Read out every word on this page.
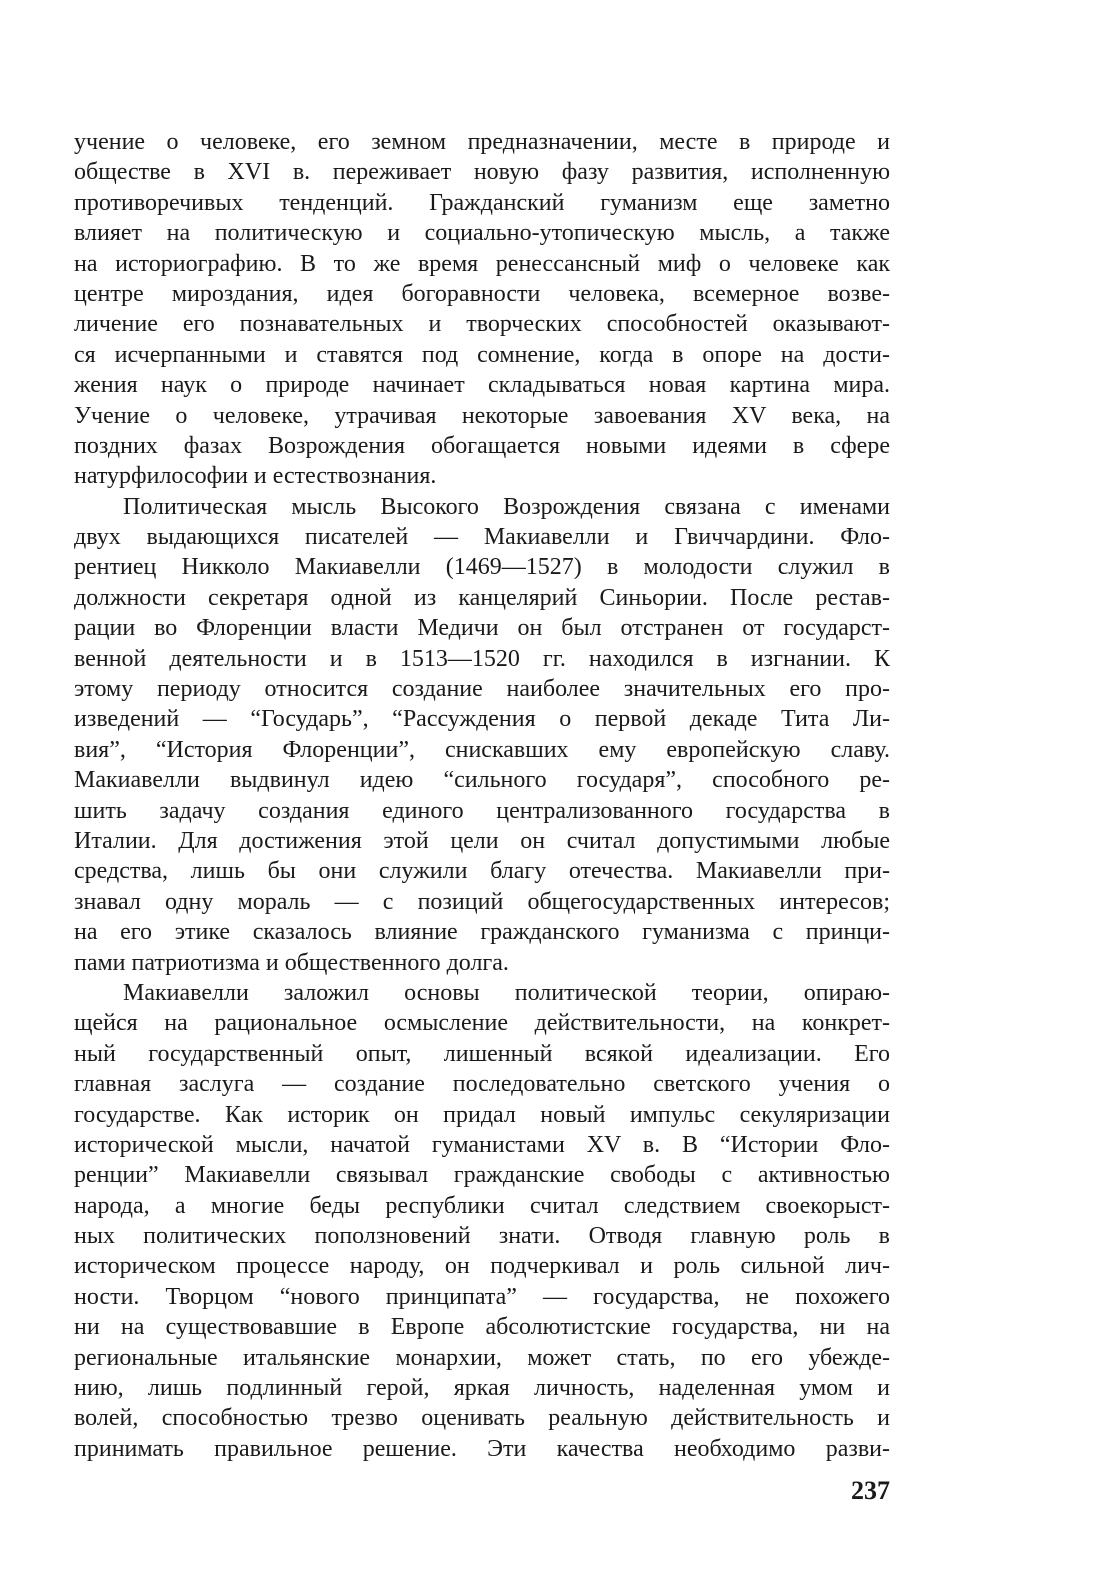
учение о человеке, его земном предназначении, месте в природе и
обществе в XVI в. переживает новую фазу развития, исполненную
противоречивых тенденций. Гражданский гуманизм еще заметно
влияет на политическую и социально-утопическую мысль, а также
на историографию. В то же время ренессансный миф о человеке как
центре мироздания, идея богоравности человека, всемерное возве-
личение его познавательных и творческих способностей оказывают-
ся исчерпанными и ставятся под сомнение, когда в опоре на дости-
жения наук о природе начинает складываться новая картина мира.
Учение о человеке, утрачивая некоторые завоевания XV века, на
поздних фазах Возрождения обогащается новыми идеями в сфере
натурфилософии и естествознания.
Политическая мысль Высокого Возрождения связана с именами
двух выдающихся писателей — Макиавелли и Гвиччардини. Фло-
рентиец Никколо Макиавелли (1469—1527) в молодости служил в
должности секретаря одной из канцелярий Синьории. После рестав-
рации во Флоренции власти Медичи он был отстранен от государст-
венной деятельности и в 1513—1520 гг. находился в изгнании. К
этому периоду относится создание наиболее значительных его про-
изведений — “Государь”, “Рассуждения о первой декаде Тита Ли-
вия”, “История Флоренции”, снискавших ему европейскую славу.
Макиавелли выдвинул идею “сильного государя”, способного ре-
шить задачу создания единого централизованного государства в
Италии. Для достижения этой цели он считал допустимыми любые
средства, лишь бы они служили благу отечества. Макиавелли при-
знавал одну мораль — с позиций общегосударственных интересов;
на его этике сказалось влияние гражданского гуманизма с принци-
пами патриотизма и общественного долга.
Макиавелли заложил основы политической теории, опираю-
щейся на рациональное осмысление действительности, на конкрет-
ный государственный опыт, лишенный всякой идеализации. Его
главная заслуга — создание последовательно светского учения о
государстве. Как историк он придал новый импульс секуляризации
исторической мысли, начатой гуманистами XV в. В “Истории Фло-
ренции” Макиавелли связывал гражданские свободы с активностью
народа, а многие беды республики считал следствием своекорыст-
ных политических поползновений знати. Отводя главную роль в
историческом процессе народу, он подчеркивал и роль сильной лич-
ности. Творцом “нового принципата” — государства, не похожего
ни на существовавшие в Европе абсолютистские государства, ни на
региональные итальянские монархии, может стать, по его убежде-
нию, лишь подлинный герой, яркая личность, наделенная умом и
волей, способностью трезво оценивать реальную действительность и
принимать правильное решение. Эти качества необходимо разви-
237
